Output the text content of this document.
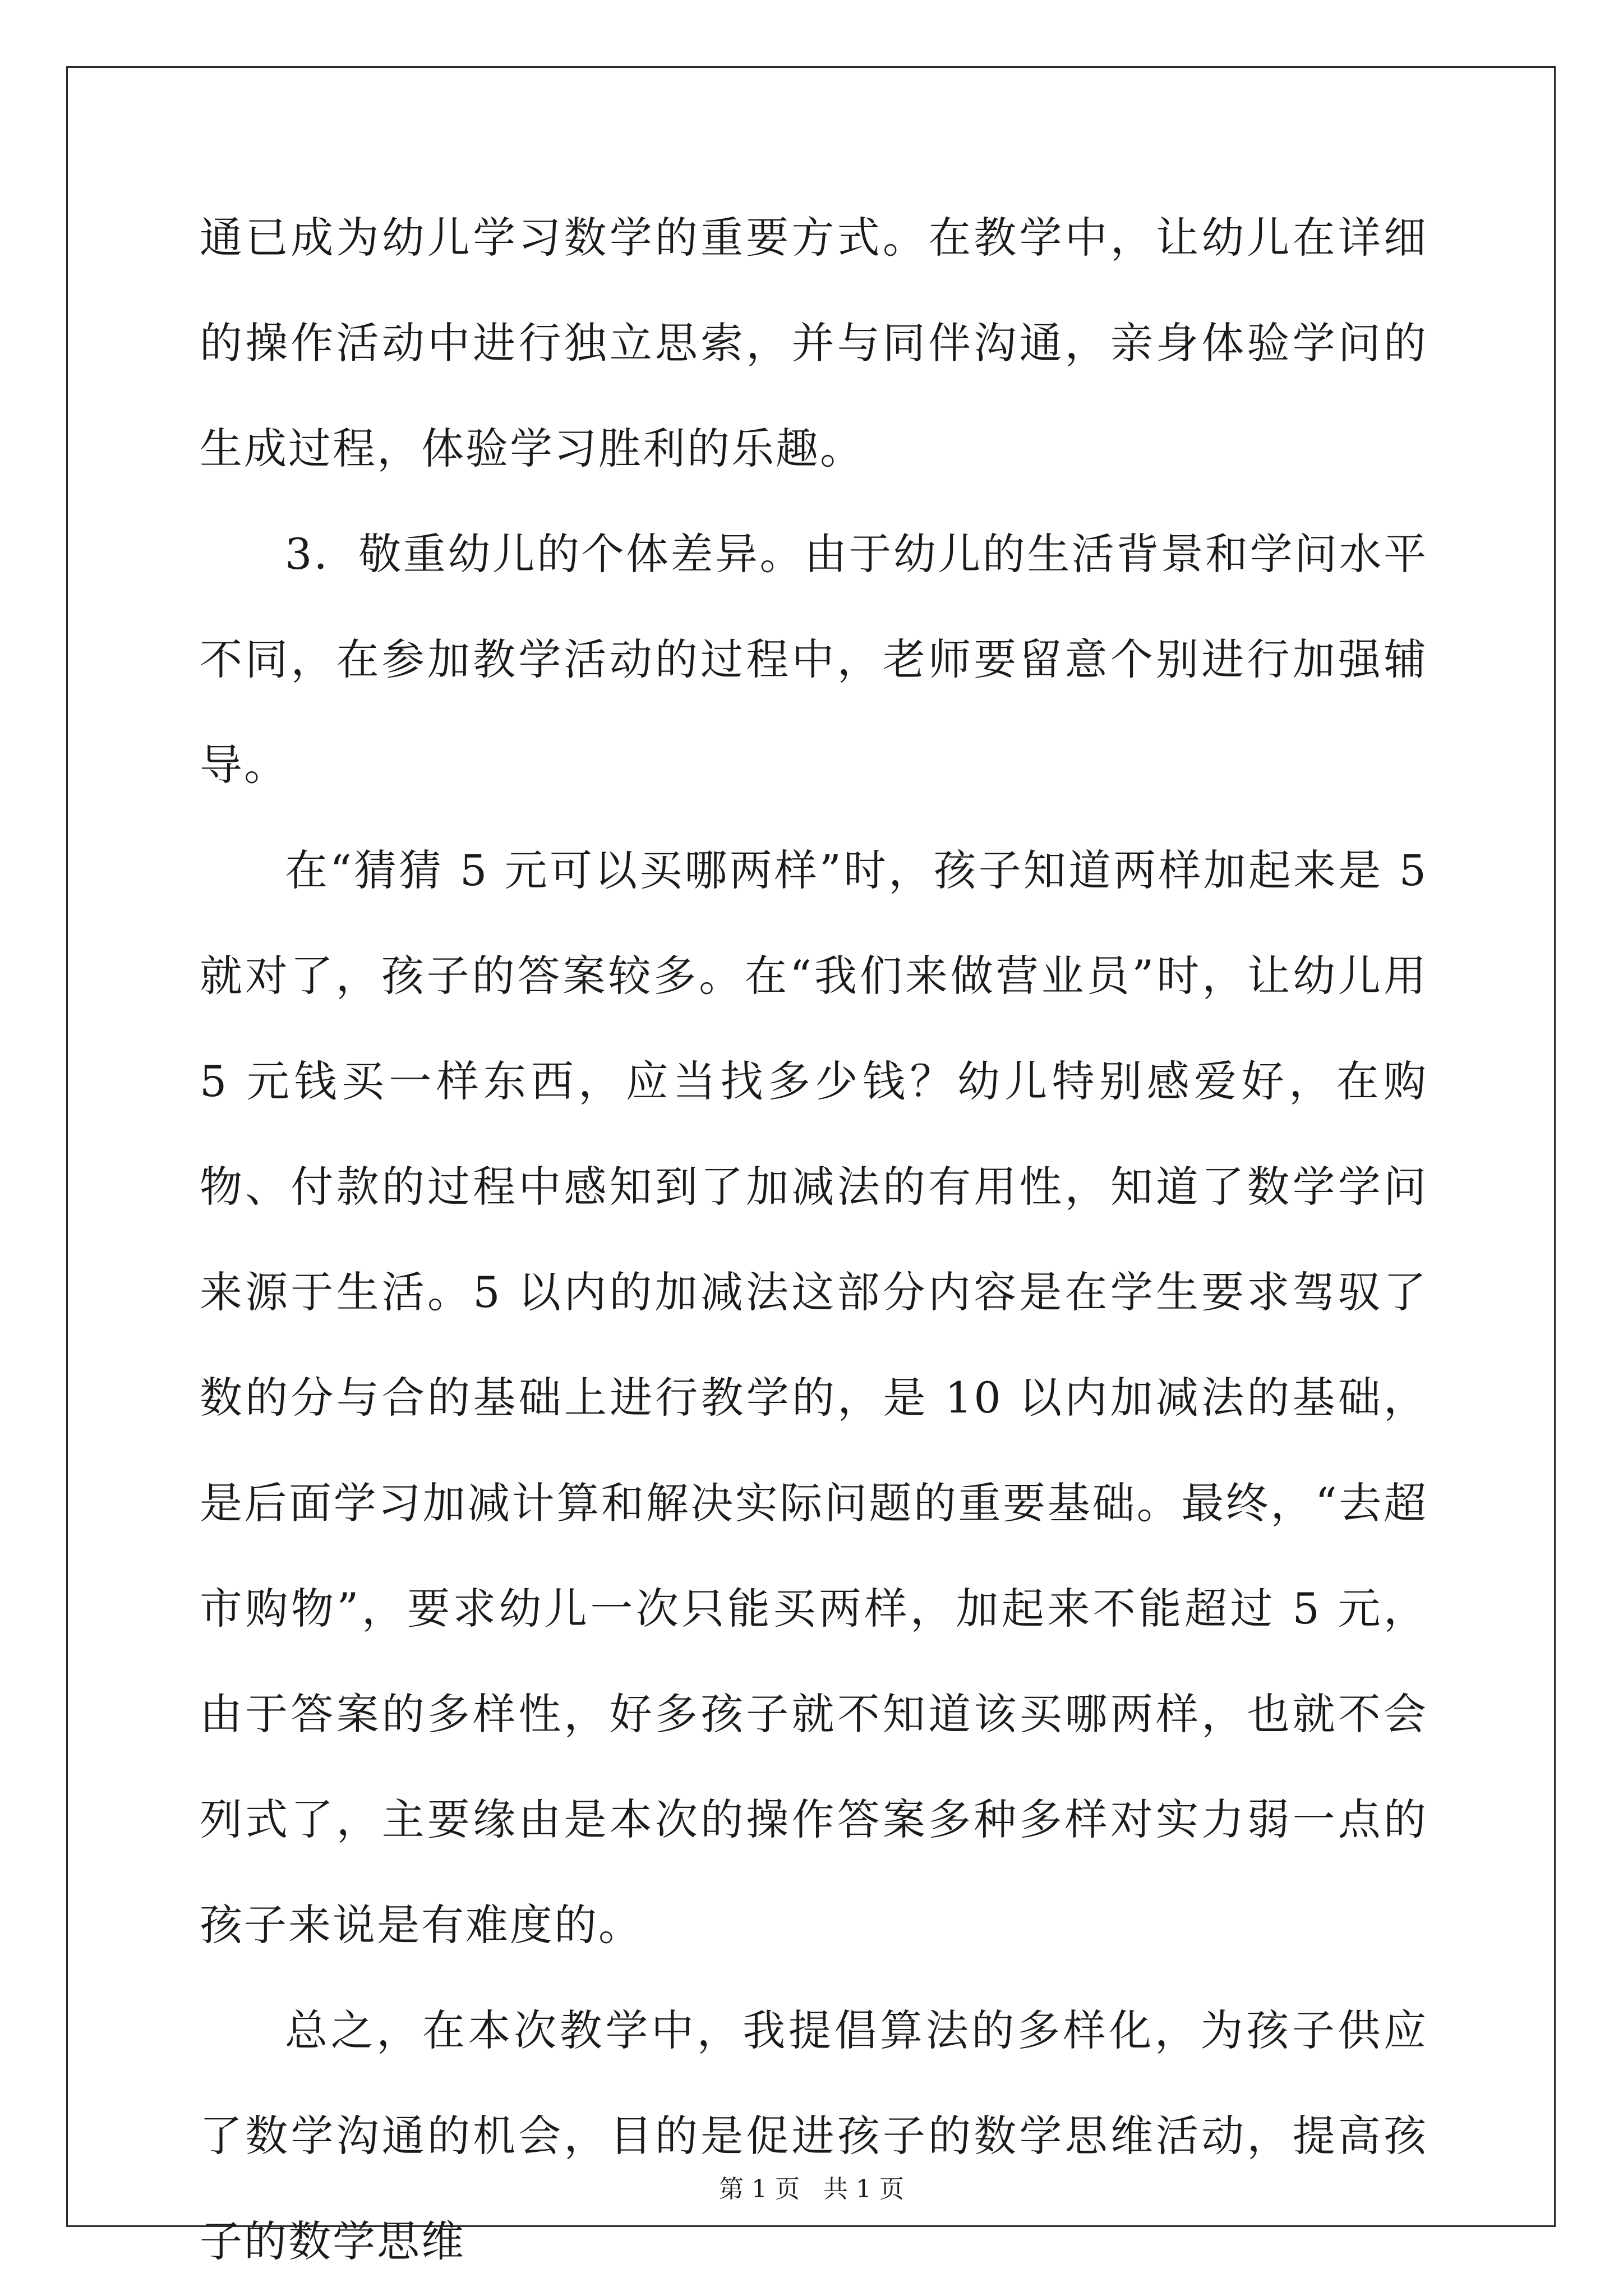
通已成为幼儿学习数学的重要方式。在教学中，让幼儿在详细的操作活动中进行独立思索，并与同伴沟通，亲身体验学问的生成过程，体验学习胜利的乐趣。

3．敬重幼儿的个体差异。由于幼儿的生活背景和学问水平不同，在参加教学活动的过程中，老师要留意个别进行加强辅导。

在“猜猜 5 元可以买哪两样”时，孩子知道两样加起来是 5 就对了，孩子的答案较多。在“我们来做营业员”时，让幼儿用 5 元钱买一样东西，应当找多少钱？幼儿特别感爱好，在购物、付款的过程中感知到了加减法的有用性，知道了数学学问来源于生活。5 以内的加减法这部分内容是在学生要求驾驭了数的分与合的基础上进行教学的，是 10 以内加减法的基础，是后面学习加减计算和解决实际问题的重要基础。最终，“去超市购物”，要求幼儿一次只能买两样，加起来不能超过 5 元，由于答案的多样性，好多孩子就不知道该买哪两样，也就不会列式了，主要缘由是本次的操作答案多种多样对实力弱一点的孩子来说是有难度的。

总之，在本次教学中，我提倡算法的多样化，为孩子供应了数学沟通的机会，目的是促进孩子的数学思维活动，提高孩子的数学思维

第 1 页   共 1 页
